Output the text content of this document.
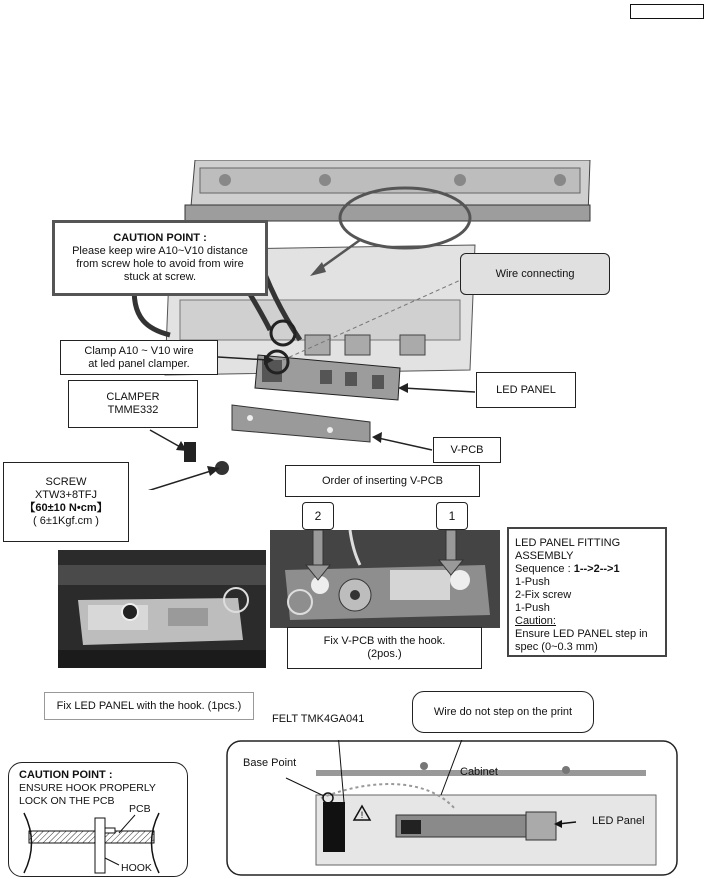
CAUTION POINT :
Please keep wire A10~V10 distance
from screw hole to avoid from wire
stuck at screw.	Wire connecting
Clamp A10 ~ V10 wire
at led panel clamper.
CLAMPER
TMME332
LED PANEL
V-PCB
SCREW
XTW3+8TFJ
【60±10 N•cm】
( 6±1Kgf.cm )
Order of inserting V-PCB
2	1
Fix V-PCB with the hook.
(2pos.)
LED PANEL FITTING
ASSEMBLY
Sequence : 1-->2-->1
1-Push
2-Fix screw
1-Push
Caution:
Ensure LED PANEL step in
spec (0~0.3 mm)
Fix LED PANEL with the hook. (1pcs.)	Wire do not step on the print
FELT TMK4GA041
!
Base Point
Cabinet
LED Panel
CAUTION POINT :
ENSURE HOOK PROPERLY
LOCK ON THE PCB
PCB
HOOK
